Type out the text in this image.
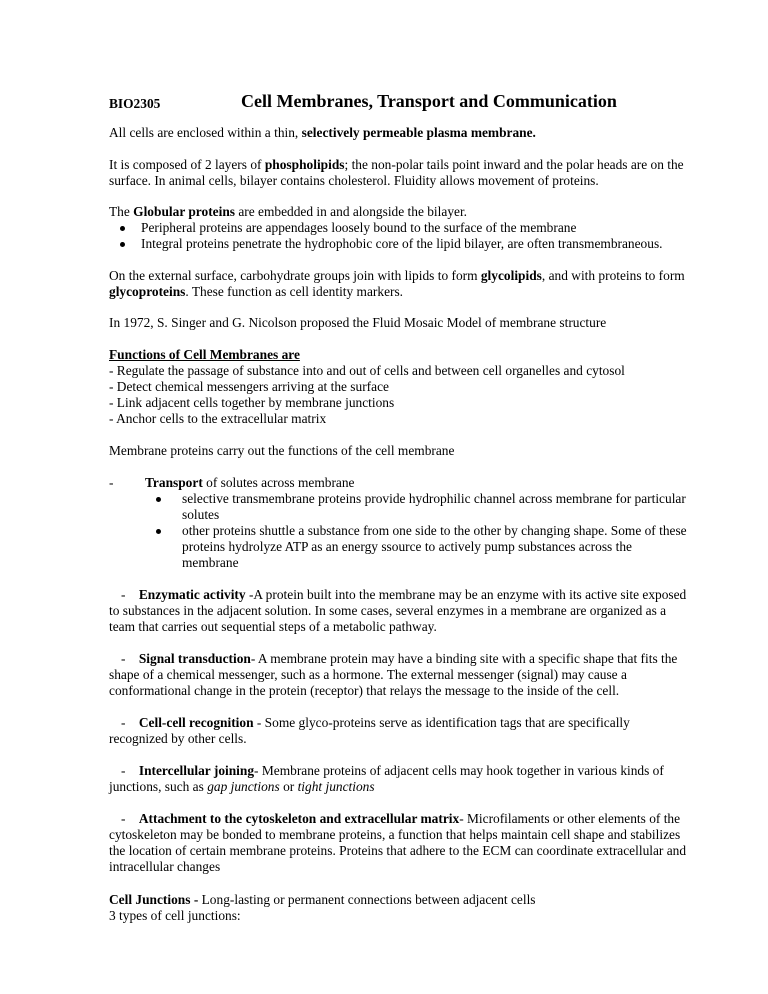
BIO2305	Cell Membranes, Transport and Communication

All cells are enclosed within a thin, selectively permeable plasma membrane.

It is composed of 2 layers of phospholipids; the non-polar tails point inward and the polar heads are on the surface. In animal cells, bilayer contains cholesterol. Fluidity allows movement of proteins.

The Globular proteins are embedded in and alongside the bilayer.

Peripheral proteins are appendages loosely bound to the surface of the membrane

Integral proteins penetrate the hydrophobic core of the lipid bilayer, are often transmembraneous.

On the external surface, carbohydrate groups join with lipids to form glycolipids, and with proteins to form glycoproteins. These function as cell identity markers.

In 1972, S. Singer and G. Nicolson proposed the Fluid Mosaic Model of membrane structure

Functions of Cell Membranes are

- Regulate the passage of substance into and out of cells and between cell organelles and cytosol

- Detect chemical messengers arriving at the surface

- Link adjacent cells together by membrane junctions

- Anchor cells to the extracellular matrix

Membrane proteins carry out the functions of the cell membrane

- Transport of solutes across membrane

selective transmembrane proteins provide hydrophilic channel across membrane for particular solutes

other proteins shuttle a substance from one side to the other by changing shape. Some of these proteins hydrolyze ATP as an energy ssource to actively pump substances across the membrane

- Enzymatic activity -A protein built into the membrane may be an enzyme with its active site exposed to substances in the adjacent solution. In some cases, several enzymes in a membrane are organized as a team that carries out sequential steps of a metabolic pathway.

- Signal transduction- A membrane protein may have a binding site with a specific shape that fits the shape of a chemical messenger, such as a hormone. The external messenger (signal) may cause a conformational change in the protein (receptor) that relays the message to the inside of the cell.

- Cell-cell recognition - Some glyco-proteins serve as identification tags that are specifically recognized by other cells.

- Intercellular joining- Membrane proteins of adjacent cells may hook together in various kinds of junctions, such as gap junctions or tight junctions

- Attachment to the cytoskeleton and extracellular matrix- Microfilaments or other elements of the cytoskeleton may be bonded to membrane proteins, a function that helps maintain cell shape and stabilizes the location of certain membrane proteins. Proteins that adhere to the ECM can coordinate extracellular and intracellular changes

Cell Junctions - Long-lasting or permanent connections between adjacent cells

3 types of cell junctions:
